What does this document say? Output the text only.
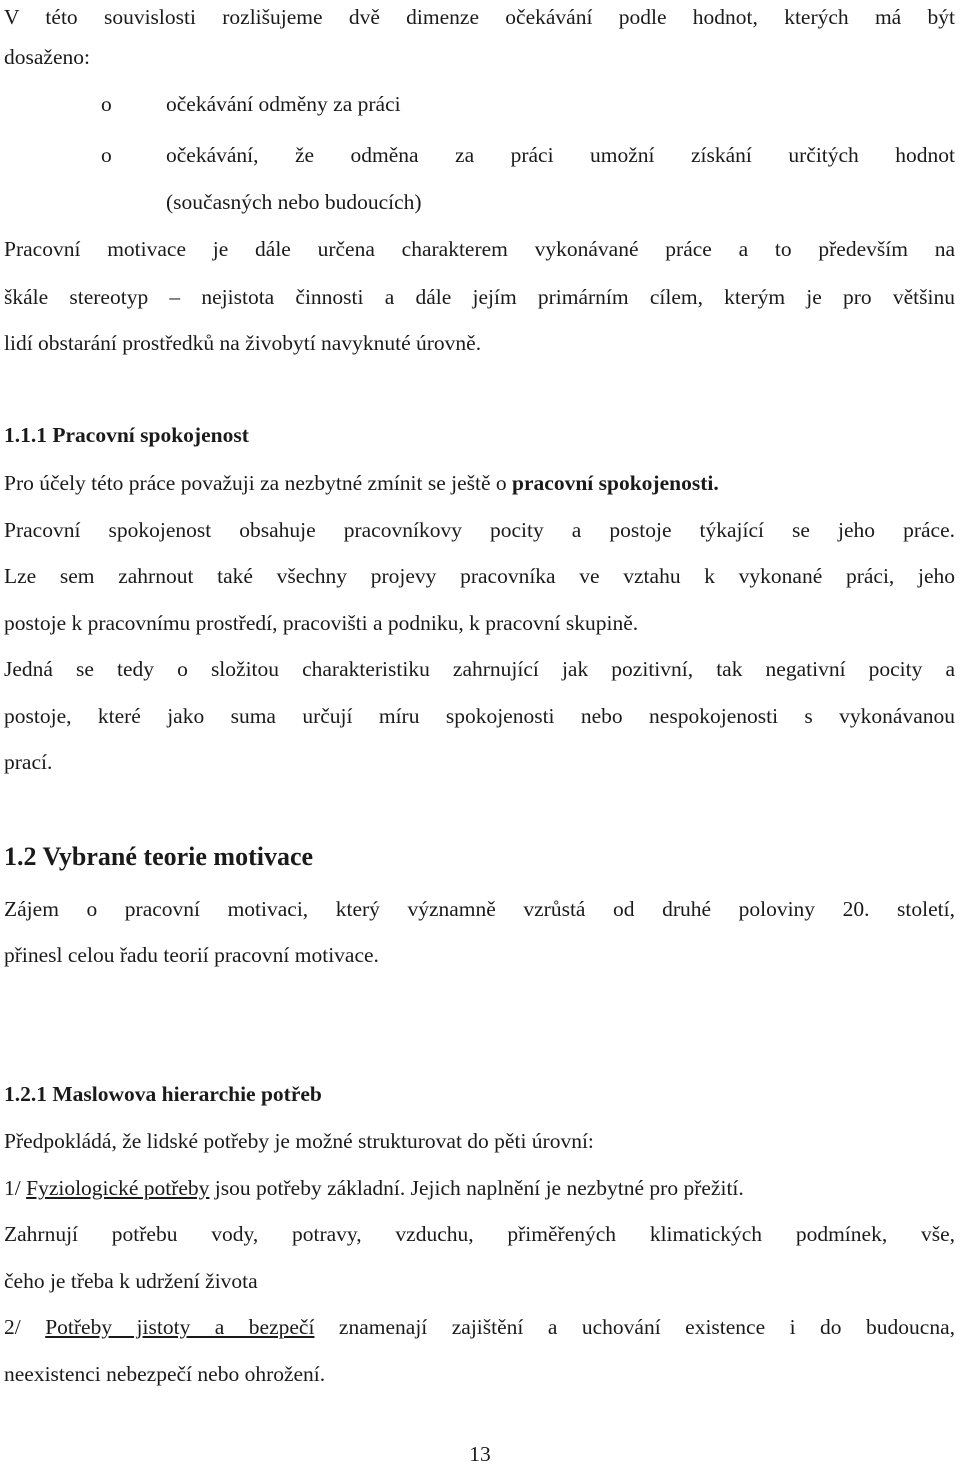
V této souvislosti rozlišujeme dvě dimenze očekávání podle hodnot, kterých má být
dosaženo:
o	očekávání odměny za práci
o	očekávání, že odměna za práci umožní získání určitých hodnot
(současných nebo budoucích)
Pracovní motivace je dále určena charakterem vykonávané práce a to především na
škále stereotyp – nejistota činnosti a dále jejím primárním cílem, kterým je pro většinu
lidí obstarání prostředků na živobytí navyknuté úrovně.
1.1.1 Pracovní spokojenost
Pro účely této práce považuji za nezbytné zmínit se ještě o pracovní spokojenosti.
Pracovní spokojenost obsahuje pracovníkovy pocity a postoje týkající se jeho práce.
Lze sem zahrnout také všechny projevy pracovníka ve vztahu k vykonané práci, jeho
postoje k pracovnímu prostředí, pracovišti a podniku, k pracovní skupině.
Jedná se tedy o složitou charakteristiku zahrnující jak pozitivní, tak negativní pocity a
postoje, které jako suma určují míru spokojenosti nebo nespokojenosti s vykonávanou
prací.
1.2 Vybrané teorie motivace
Zájem o pracovní motivaci, který významně vzrůstá od druhé poloviny 20. století,
přinesl celou řadu teorií pracovní motivace.
1.2.1 Maslowova hierarchie potřeb
Předpokládá, že lidské potřeby je možné strukturovat do pěti úrovní:
1/ Fyziologické potřeby jsou potřeby základní. Jejich naplnění je nezbytné pro přežití.
Zahrnují potřebu vody, potravy, vzduchu, přiměřených klimatických podmínek, vše,
čeho je třeba k udržení života
2/ Potřeby jistoty a bezpečí znamenají zajištění a uchování existence i do budoucna,
neexistenci nebezpečí nebo ohrožení.
13
